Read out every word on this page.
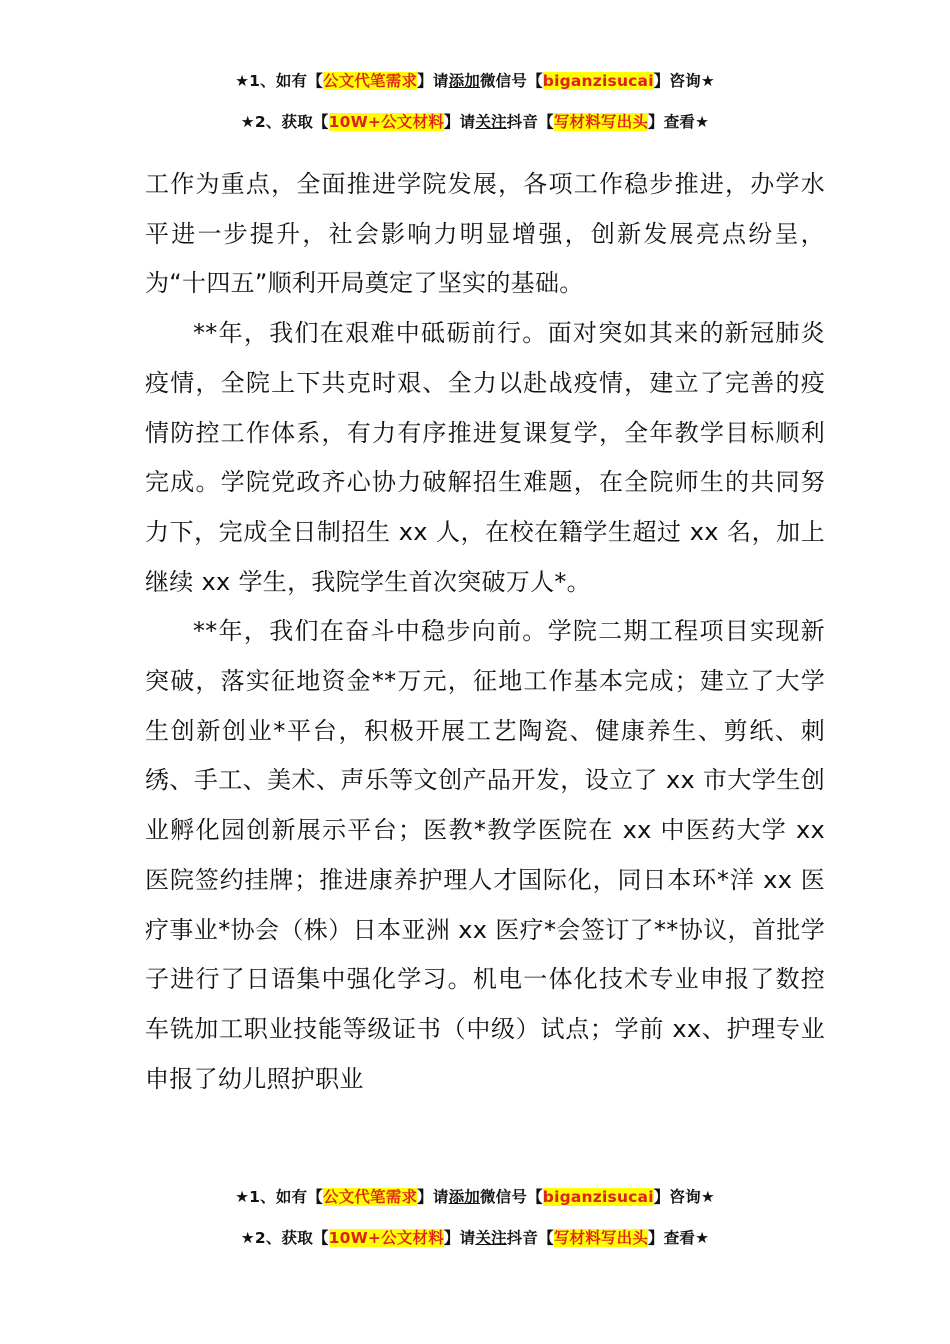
★1、如有【公文代笔需求】请添加微信号【biganzisucai】咨询★
★2、获取【10W+公文材料】请关注抖音【写材料写出头】查看★

工作为重点，全面推进学院发展，各项工作稳步推进，办学水平进一步提升，社会影响力明显增强，创新发展亮点纷呈，为“十四五”顺利开局奠定了坚实的基础。

**年，我们在艰难中砥砺前行。面对突如其来的新冠肺炎疫情，全院上下共克时艰、全力以赴战疫情，建立了完善的疫情防控工作体系，有力有序推进复课复学，全年教学目标顺利完成。学院党政齐心协力破解招生难题，在全院师生的共同努力下，完成全日制招生 xx 人，在校在籍学生超过 xx 名，加上继续 xx 学生，我院学生首次突破万人*。

**年，我们在奋斗中稳步向前。学院二期工程项目实现新突破，落实征地资金**万元，征地工作基本完成；建立了大学生创新创业*平台，积极开展工艺陶瓷、健康养生、剪纸、刺绣、手工、美术、声乐等文创产品开发，设立了 xx 市大学生创业孵化园创新展示平台；医教*教学医院在 xx 中医药大学 xx 医院签约挂牌；推进康养护理人才国际化，同日本环*洋 xx 医疗事业*协会（株）日本亚洲 xx 医疗*会签订了**协议，首批学子进行了日语集中强化学习。机电一体化技术专业申报了数控车铣加工职业技能等级证书（中级）试点；学前 xx、护理专业申报了幼儿照护职业

★1、如有【公文代笔需求】请添加微信号【biganzisucai】咨询★
★2、获取【10W+公文材料】请关注抖音【写材料写出头】查看★
